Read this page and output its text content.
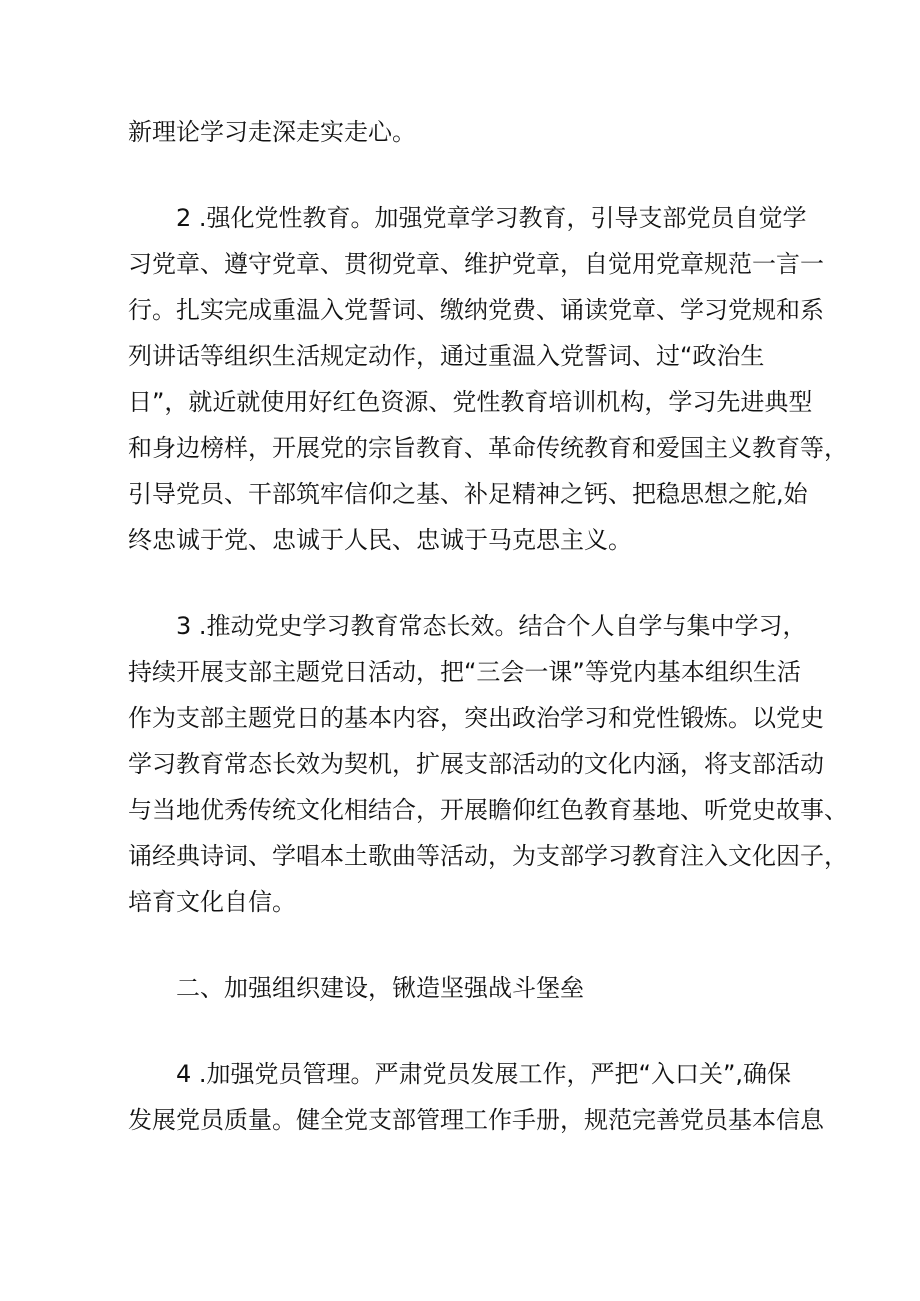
新理论学习走深走实走心。

2 .强化党性教育。加强党章学习教育，引导支部党员自觉学

习党章、遵守党章、贯彻党章、维护党章，自觉用党章规范一言一

行。扎实完成重温入党誓词、缴纳党费、诵读党章、学习党规和系

列讲话等组织生活规定动作，通过重温入党誓词、过“政治生

日”，就近就使用好红色资源、党性教育培训机构，学习先进典型

和身边榜样，开展党的宗旨教育、革命传统教育和爱国主义教育等，

引导党员、干部筑牢信仰之基、补足精神之钙、把稳思想之舵,始

终忠诚于党、忠诚于人民、忠诚于马克思主义。

3 .推动党史学习教育常态长效。结合个人自学与集中学习，

持续开展支部主题党日活动，把“三会一课”等党内基本组织生活

作为支部主题党日的基本内容，突出政治学习和党性锻炼。以党史

学习教育常态长效为契机，扩展支部活动的文化内涵，将支部活动

与当地优秀传统文化相结合，开展瞻仰红色教育基地、听党史故事、

诵经典诗词、学唱本土歌曲等活动，为支部学习教育注入文化因子，

培育文化自信。

二、加强组织建设，锹造坚强战斗堡垒

4 .加强党员管理。严肃党员发展工作，严把“入口关”,确保

发展党员质量。健全党支部管理工作手册，规范完善党员基本信息
